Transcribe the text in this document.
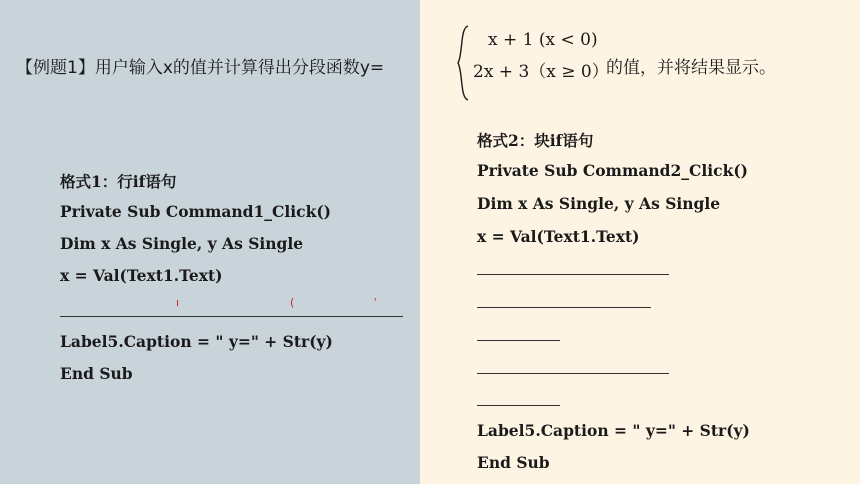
【例题1】用户输入x的值并计算得出分段函数y=
x + 1 (x < 0)
2x + 3（x ≥ 0）
的值，并将结果显示。
格式1：行if语句
Private Sub Command1_Click()
Dim x As Single, y As Single
x = Val(Text1.Text)
ı	(	ʾ
Label5.Caption = " y=" + Str(y)
End Sub
格式2：块if语句
Private Sub Command2_Click()
Dim x As Single, y As Single
x = Val(Text1.Text)
Label5.Caption = " y=" + Str(y)
End Sub
